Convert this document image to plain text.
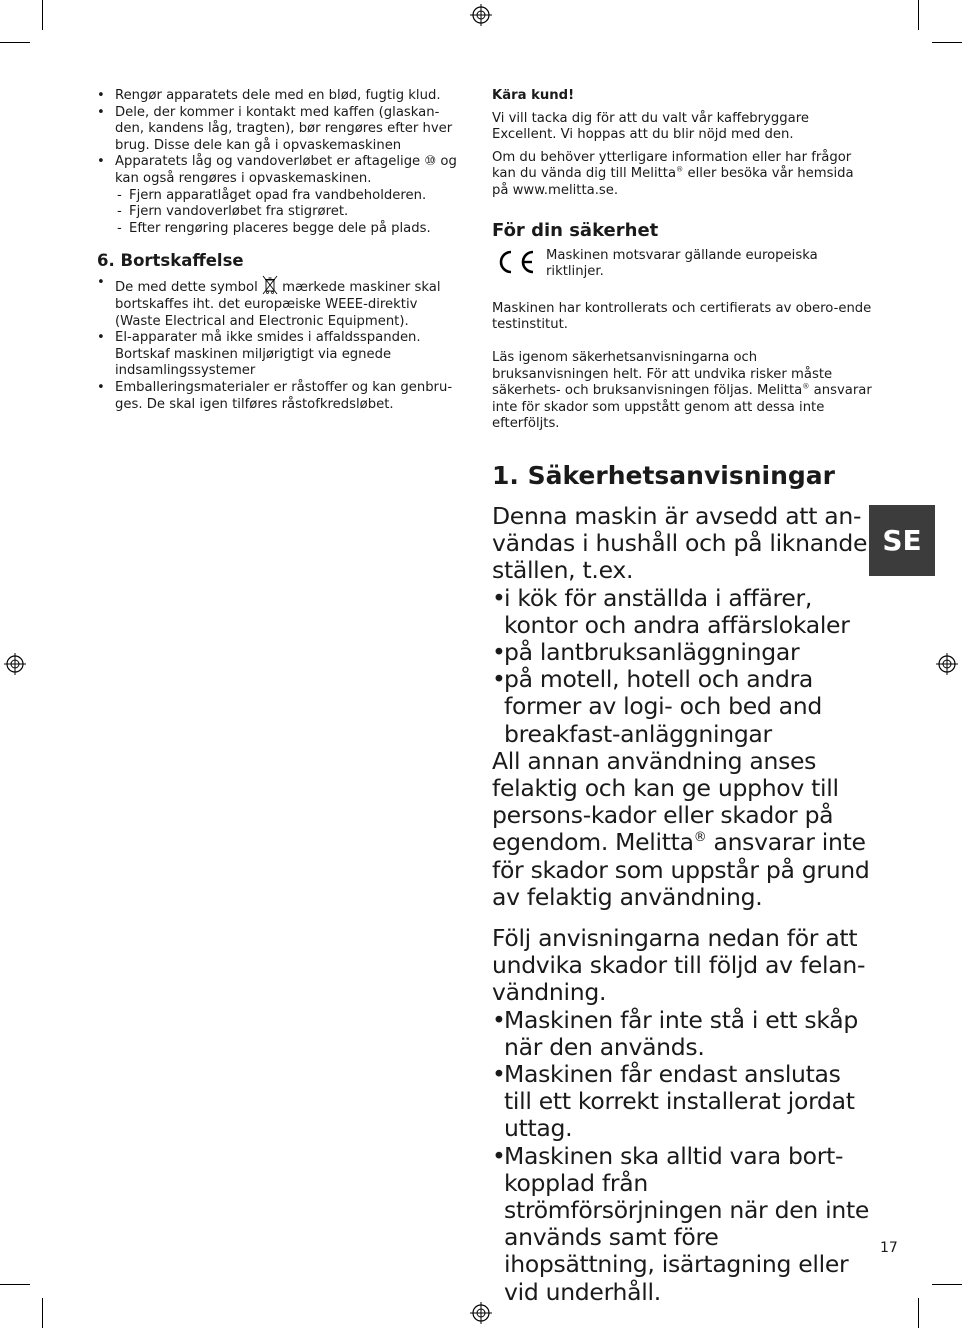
• Rengør apparatets dele med en blød, fugtig klud.
• Dele, der kommer i kontakt med kaffen (glaskan-den, kandens låg, tragten), bør rengøres efter hver brug. Disse dele kan gå i opvaskemaskinen
• Apparatets låg og vandoverløbet er aftagelige ⑩ og kan også rengøres i opvaskemaskinen.
- Fjern apparatlåget opad fra vandbeholderen.
- Fjern vandoverløbet fra stigrøret.
- Efter rengøring placeres begge dele på plads.
6. Bortskaffelse
• De med dette symbol mærkede maskiner skal bortskaffes iht. det europæiske WEEE-direktiv (Waste Electrical and Electronic Equipment).
• El-apparater må ikke smides i affaldsspanden. Bortskaf maskinen miljørigtigt via egnede indsamlingssystemer
• Emballeringsmaterialer er råstoffer og kan genbru-ges. De skal igen tilføres råstofkredsløbet.

Kära kund!

Vi vill tacka dig för att du valt vår kaffebryggare Excellent. Vi hoppas att du blir nöjd med den.

Om du behöver ytterligare information eller har frågor kan du vända dig till Melitta® eller besöka vår hemsida på www.melitta.se.

För din säkerhet
Maskinen motsvarar gällande europeiska riktlinjer.

Maskinen har kontrollerats och certifierats av obero-ende testinstitut.

Läs igenom säkerhetsanvisningarna och bruksanvisningen helt. För att undvika risker måste säkerhets- och bruksanvisningen följas. Melitta® ansvarar inte för skador som uppstått genom att dessa inte efterföljts.

1. Säkerhetsanvisningar

Denna maskin är avsedd att an-vändas i hushåll och på liknande ställen, t.ex.

• i kök för anställda i affärer, kontor och andra affärslokaler
• på lantbruksanläggningar
• på motell, hotell och andra former av logi- och bed and breakfast-anläggningar

All annan användning anses felaktig och kan ge upphov till persons-kador eller skador på egendom. Melitta® ansvarar inte för skador som uppstår på grund av felaktig användning.

Följ anvisningarna nedan för att undvika skador till följd av felan-vändning.

• Maskinen får inte stå i ett skåp när den används.
• Maskinen får endast anslutas till ett korrekt installerat jordat uttag.
• Maskinen ska alltid vara bort-kopplad från strömförsörjningen när den inte används samt före ihopsättning, isärtagning eller vid underhåll.
SE
17
